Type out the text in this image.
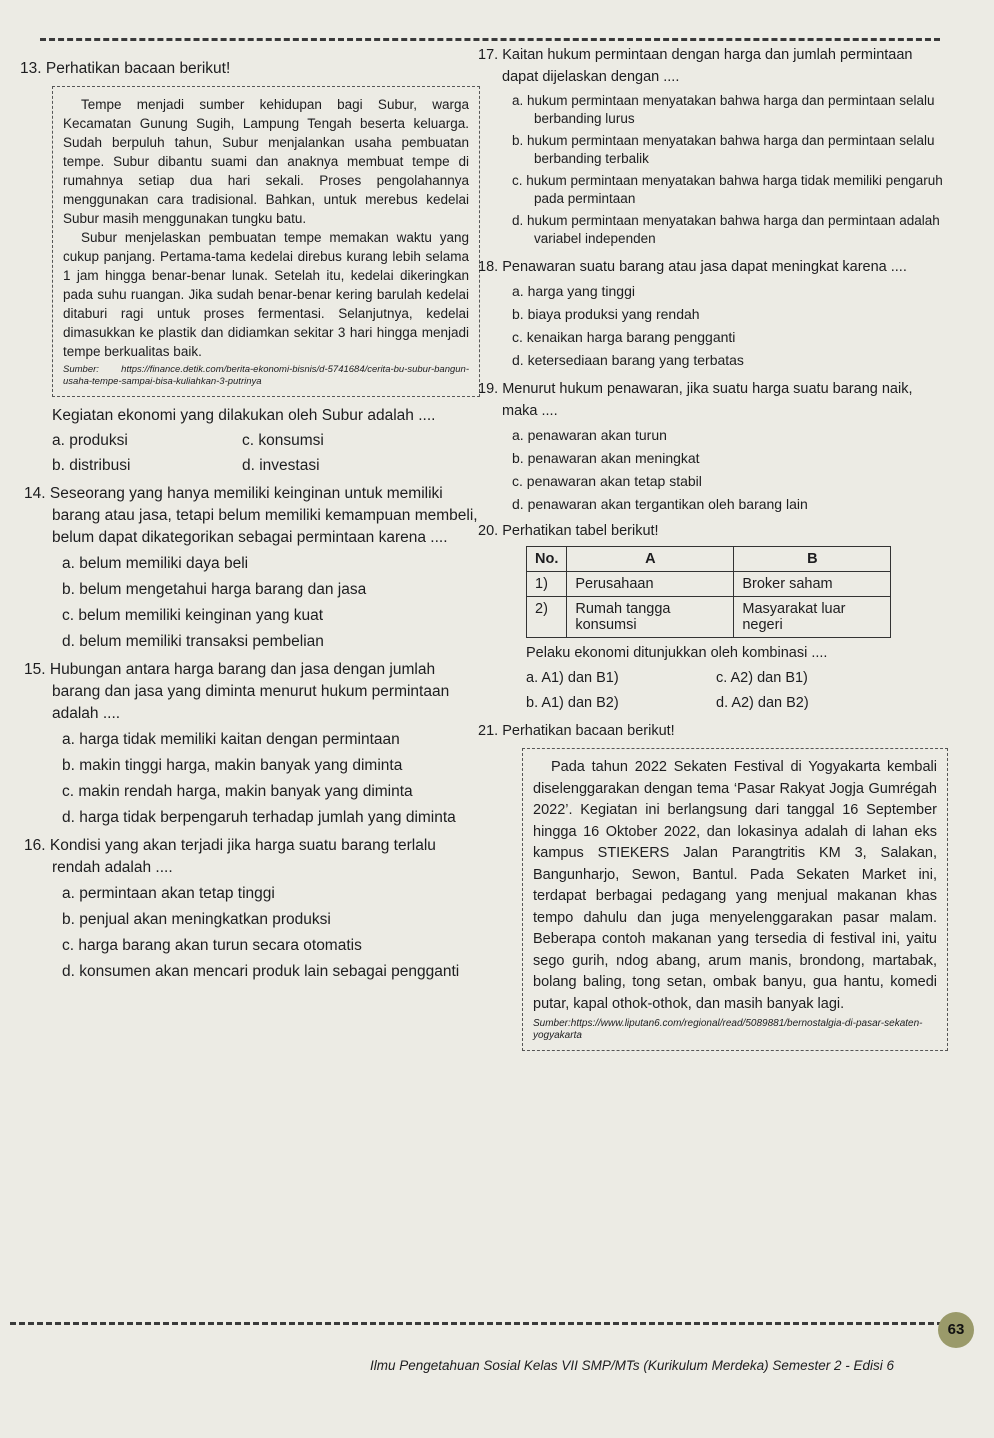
13. Perhatikan bacaan berikut!

Tempe menjadi sumber kehidupan bagi Subur, warga Kecamatan Gunung Sugih, Lampung Tengah beserta keluarga. Sudah berpuluh tahun, Subur menjalankan usaha pembuatan tempe. Subur dibantu suami dan anaknya membuat tempe di rumahnya setiap dua hari sekali. Proses pengolahannya menggunakan cara tradisional. Bahkan, untuk merebus kedelai Subur masih menggunakan tungku batu.

Subur menjelaskan pembuatan tempe memakan waktu yang cukup panjang. Pertama-tama kedelai direbus kurang lebih selama 1 jam hingga benar-benar lunak. Setelah itu, kedelai dikeringkan pada suhu ruangan. Jika sudah benar-benar kering barulah kedelai ditaburi ragi untuk proses fermentasi. Selanjutnya, kedelai dimasukkan ke plastik dan didiamkan sekitar 3 hari hingga menjadi tempe berkualitas baik.

Sumber: https://finance.detik.com/berita-ekonomi-bisnis/d-5741684/cerita-bu-subur-bangun-usaha-tempe-sampai-bisa-kuliahkan-3-putrinya

Kegiatan ekonomi yang dilakukan oleh Subur adalah ....

a. produksi	c. konsumsi
b. distribusi	d. investasi
14. Seseorang yang hanya memiliki keinginan untuk memiliki barang atau jasa, tetapi belum memiliki kemampuan membeli, belum dapat dikategorikan sebagai permintaan karena ....
a. belum memiliki daya beli
b. belum mengetahui harga barang dan jasa
c. belum memiliki keinginan yang kuat
d. belum memiliki transaksi pembelian
15. Hubungan antara harga barang dan jasa dengan jumlah barang dan jasa yang diminta menurut hukum permintaan adalah ....
a. harga tidak memiliki kaitan dengan permintaan
b. makin tinggi harga, makin banyak yang diminta
c. makin rendah harga, makin banyak yang diminta
d. harga tidak berpengaruh terhadap jumlah yang diminta
16. Kondisi yang akan terjadi jika harga suatu barang terlalu rendah adalah ....
a. permintaan akan tetap tinggi
b. penjual akan meningkatkan produksi
c. harga barang akan turun secara otomatis
d. konsumen akan mencari produk lain sebagai pengganti
17. Kaitan hukum permintaan dengan harga dan jumlah permintaan dapat dijelaskan dengan ....
a. hukum permintaan menyatakan bahwa harga dan permintaan selalu berbanding lurus
b. hukum permintaan menyatakan bahwa harga dan permintaan selalu berbanding terbalik
c. hukum permintaan menyatakan bahwa harga tidak memiliki pengaruh pada permintaan
d. hukum permintaan menyatakan bahwa harga dan permintaan adalah variabel independen
18. Penawaran suatu barang atau jasa dapat meningkat karena ....
a. harga yang tinggi
b. biaya produksi yang rendah
c. kenaikan harga barang pengganti
d. ketersediaan barang yang terbatas
19. Menurut hukum penawaran, jika suatu harga suatu barang naik, maka ....
a. penawaran akan turun
b. penawaran akan meningkat
c. penawaran akan tetap stabil
d. penawaran akan tergantikan oleh barang lain
20. Perhatikan tabel berikut!
No.	A	B
1)	Perusahaan	Broker saham
2)	Rumah tangga konsumsi	Masyarakat luar negeri
Pelaku ekonomi ditunjukkan oleh kombinasi ....
a. A1) dan B1)	c. A2) dan B1)
b. A1) dan B2)	d. A2) dan B2)
21. Perhatikan bacaan berikut!

Pada tahun 2022 Sekaten Festival di Yogyakarta kembali diselenggarakan dengan tema ‘Pasar Rakyat Jogja Gumrégah 2022’. Kegiatan ini berlangsung dari tanggal 16 September hingga 16 Oktober 2022, dan lokasinya adalah di lahan eks kampus STIEKERS Jalan Parangtritis KM 3, Salakan, Bangunharjo, Sewon, Bantul. Pada Sekaten Market ini, terdapat berbagai pedagang yang menjual makanan khas tempo dahulu dan juga menyelenggarakan pasar malam. Beberapa contoh makanan yang tersedia di festival ini, yaitu sego gurih, ndog abang, arum manis, brondong, martabak, bolang baling, tong setan, ombak banyu, gua hantu, komedi putar, kapal othok-othok, dan masih banyak lagi.

Sumber:https://www.liputan6.com/regional/read/5089881/bernostalgia-di-pasar-sekaten-yogyakarta
Ilmu Pengetahuan Sosial Kelas VII SMP/MTs (Kurikulum Merdeka) Semester 2 - Edisi 6
63
